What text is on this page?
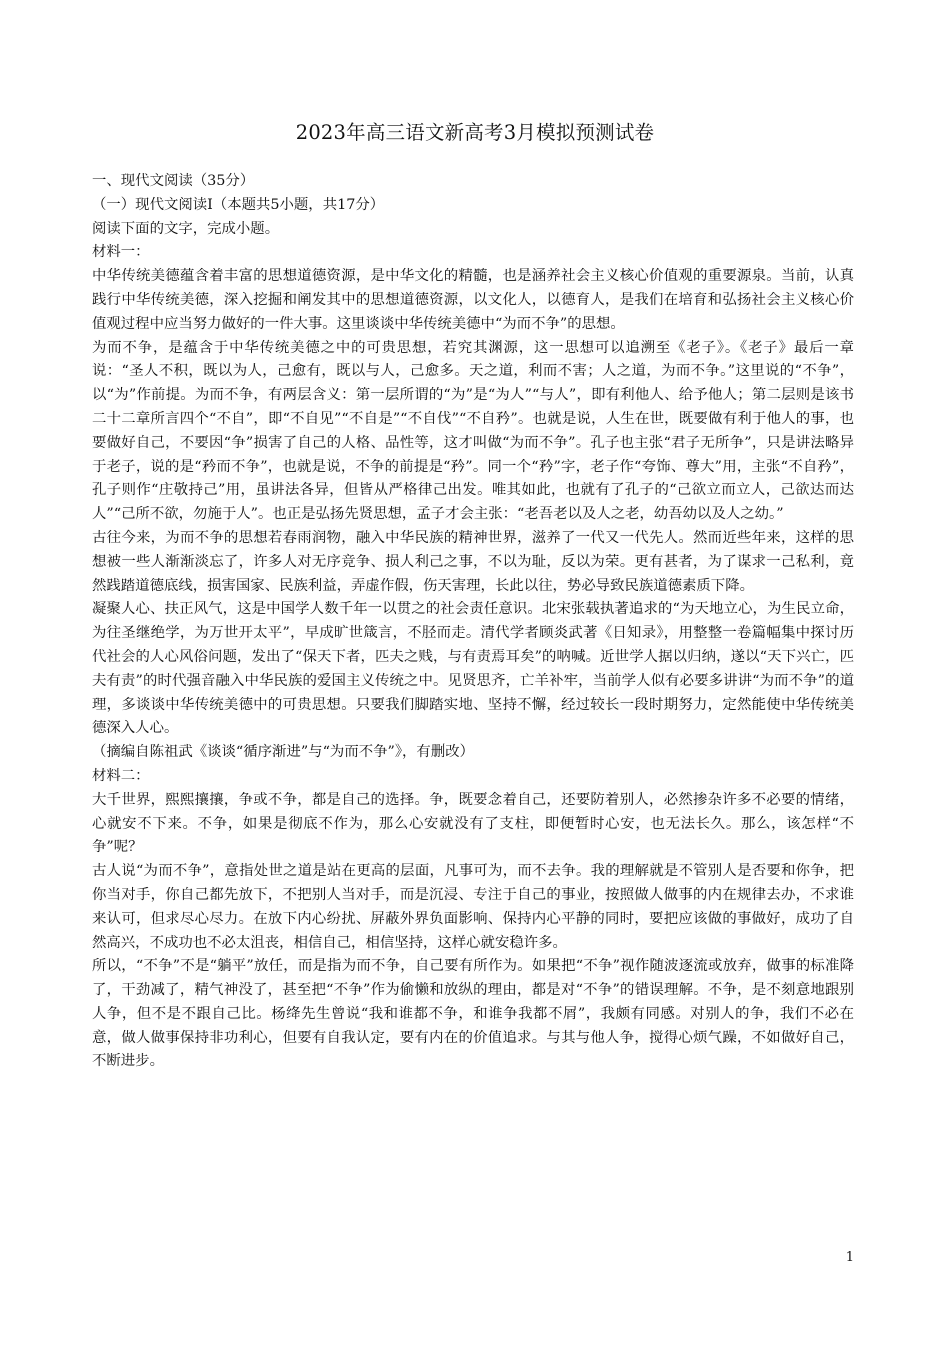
2023年高三语文新高考3月模拟预测试卷

一、现代文阅读（35分）

（一）现代文阅读Ⅰ（本题共5小题，共17分）

阅读下面的文字，完成小题。

材料一：

中华传统美德蕴含着丰富的思想道德资源，是中华文化的精髓，也是涵养社会主义核心价值观的重要源泉。当前，认真践行中华传统美德，深入挖掘和阐发其中的思想道德资源，以文化人，以德育人，是我们在培育和弘扬社会主义核心价值观过程中应当努力做好的一件大事。这里谈谈中华传统美德中“为而不争”的思想。

为而不争，是蕴含于中华传统美德之中的可贵思想，若究其渊源，这一思想可以追溯至《老子》。《老子》最后一章说：“圣人不积，既以为人，己愈有，既以与人，己愈多。天之道，利而不害；人之道，为而不争。”这里说的“不争”，以“为”作前提。为而不争，有两层含义：第一层所谓的“为”是“为人”“与人”，即有利他人、给予他人；第二层则是该书二十二章所言四个“不自”，即“不自见”“不自是”“不自伐”“不自矜”。也就是说，人生在世，既要做有利于他人的事，也要做好自己，不要因“争”损害了自己的人格、品性等，这才叫做“为而不争”。孔子也主张“君子无所争”，只是讲法略异于老子，说的是“矜而不争”，也就是说，不争的前提是“矜”。同一个“矜”字，老子作“夸饰、尊大”用，主张“不自矜”，孔子则作“庄敬持己”用，虽讲法各异，但皆从严格律己出发。唯其如此，也就有了孔子的“己欲立而立人，己欲达而达人”“己所不欲，勿施于人”。也正是弘扬先贤思想，孟子才会主张：“老吾老以及人之老，幼吾幼以及人之幼。”

古往今来，为而不争的思想若春雨润物，融入中华民族的精神世界，滋养了一代又一代先人。然而近些年来，这样的思想被一些人渐渐淡忘了，许多人对无序竞争、损人利己之事，不以为耻，反以为荣。更有甚者，为了谋求一己私利，竟然践踏道德底线，损害国家、民族利益，弄虚作假，伤天害理，长此以往，势必导致民族道德素质下降。

凝聚人心、扶正风气，这是中国学人数千年一以贯之的社会责任意识。北宋张载执著追求的“为天地立心，为生民立命，为往圣继绝学，为万世开太平”，早成旷世箴言，不胫而走。清代学者顾炎武著《日知录》，用整整一卷篇幅集中探讨历代社会的人心风俗问题，发出了“保天下者，匹夫之贱，与有责焉耳矣”的呐喊。近世学人据以归纳，遂以“天下兴亡，匹夫有责”的时代强音融入中华民族的爱国主义传统之中。见贤思齐，亡羊补牢，当前学人似有必要多讲讲“为而不争”的道理，多谈谈中华传统美德中的可贵思想。只要我们脚踏实地、坚持不懈，经过较长一段时期努力，定然能使中华传统美德深入人心。

（摘编自陈祖武《谈谈“循序渐进”与“为而不争”》，有删改）

材料二：

大千世界，熙熙攘攘，争或不争，都是自己的选择。争，既要念着自己，还要防着别人，必然掺杂许多不必要的情绪，心就安不下来。不争，如果是彻底不作为，那么心安就没有了支柱，即便暂时心安，也无法长久。那么，该怎样“不争”呢？

古人说“为而不争”，意指处世之道是站在更高的层面，凡事可为，而不去争。我的理解就是不管别人是否要和你争，把你当对手，你自己都先放下，不把别人当对手，而是沉浸、专注于自己的事业，按照做人做事的内在规律去办，不求谁来认可，但求尽心尽力。在放下内心纷扰、屏蔽外界负面影响、保持内心平静的同时，要把应该做的事做好，成功了自然高兴，不成功也不必太沮丧，相信自己，相信坚持，这样心就安稳许多。

所以，“不争”不是“躺平”放任，而是指为而不争，自己要有所作为。如果把“不争”视作随波逐流或放弃，做事的标准降了，干劲减了，精气神没了，甚至把“不争”作为偷懒和放纵的理由，都是对“不争”的错误理解。不争，是不刻意地跟别人争，但不是不跟自己比。杨绛先生曾说“我和谁都不争，和谁争我都不屑”，我颇有同感。对别人的争，我们不必在意，做人做事保持非功利心，但要有自我认定，要有内在的价值追求。与其与他人争，搅得心烦气躁，不如做好自己，不断进步。

1
